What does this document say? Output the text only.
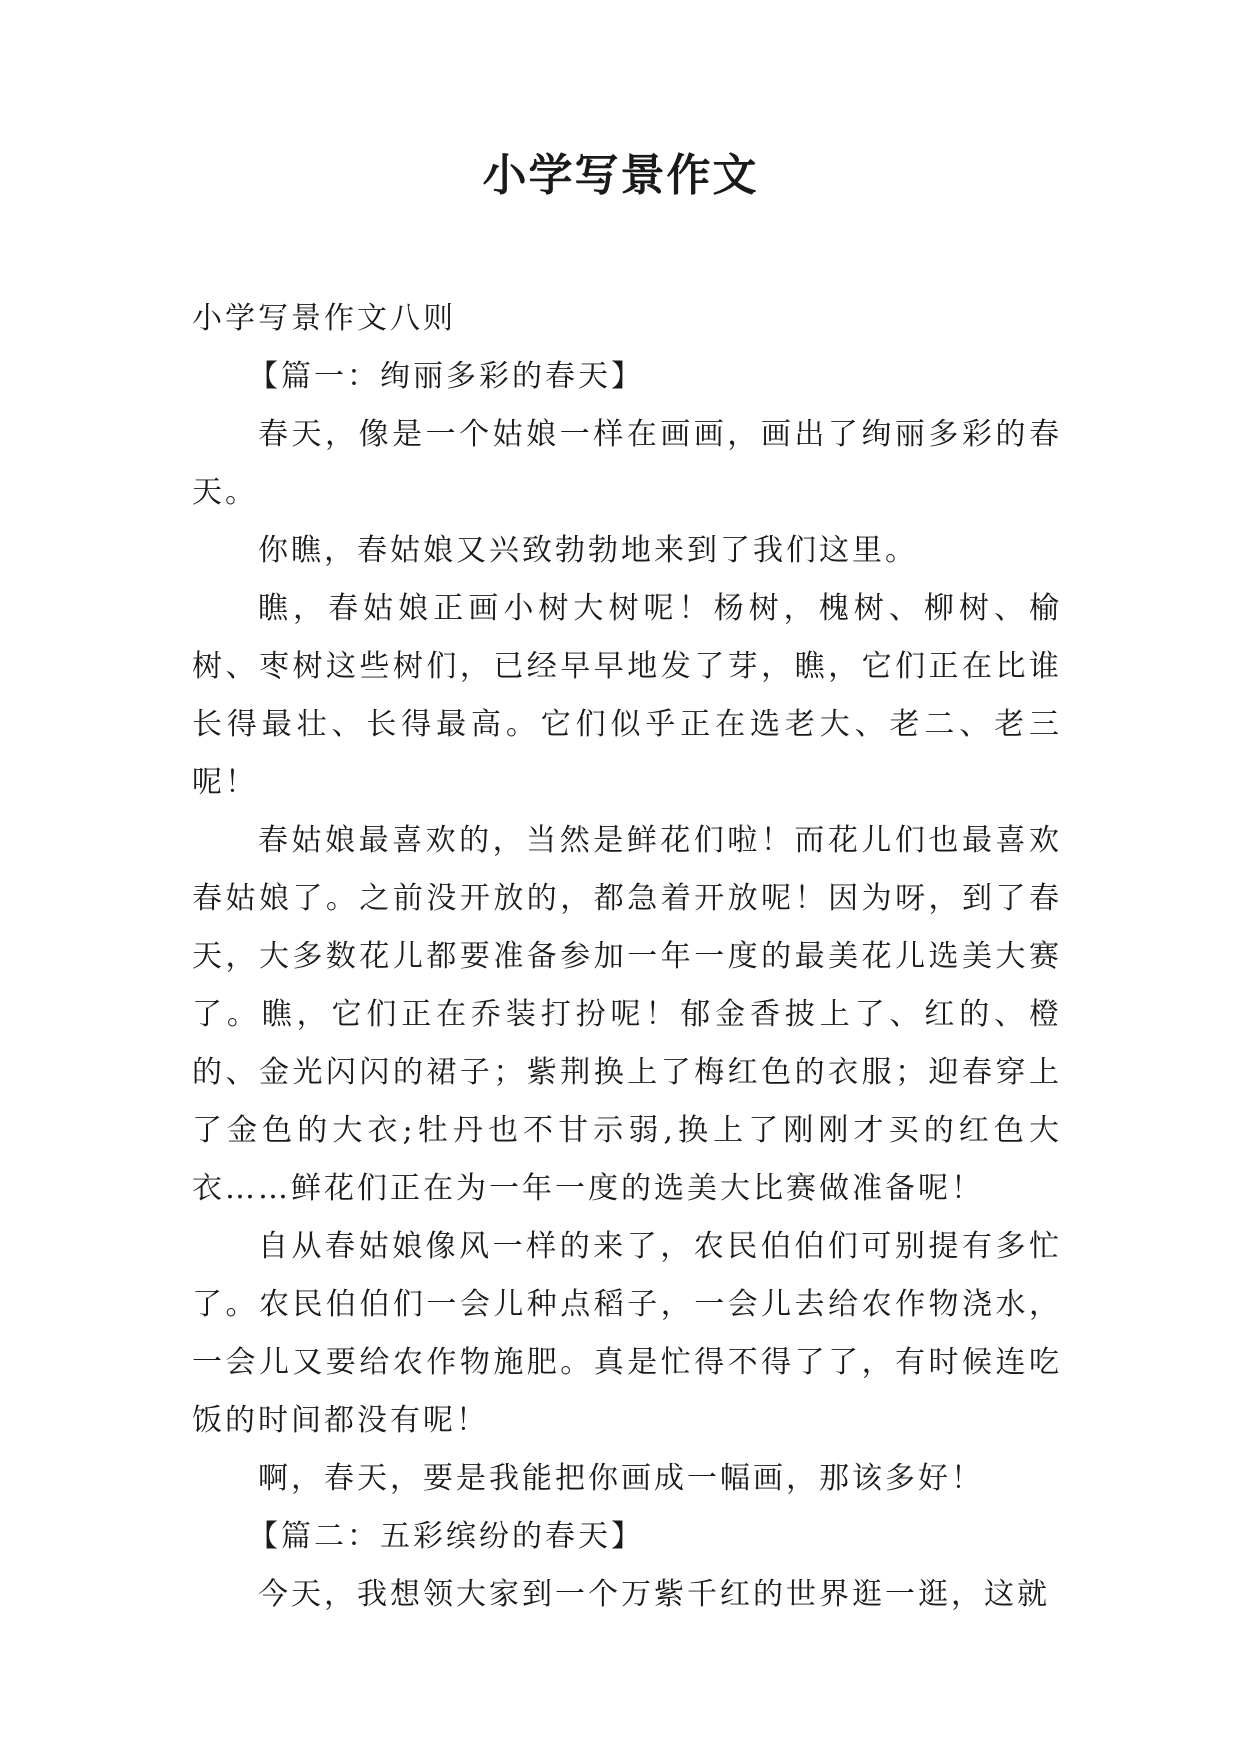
小学写景作文

小学写景作文八则

【篇一：绚丽多彩的春天】

春天，像是一个姑娘一样在画画，画出了绚丽多彩的春天。

你瞧，春姑娘又兴致勃勃地来到了我们这里。

瞧，春姑娘正画小树大树呢！杨树，槐树、柳树、榆树、枣树这些树们，已经早早地发了芽，瞧，它们正在比谁长得最壮、长得最高。它们似乎正在选老大、老二、老三呢！

春姑娘最喜欢的，当然是鲜花们啦！而花儿们也最喜欢春姑娘了。之前没开放的，都急着开放呢！因为呀，到了春天，大多数花儿都要准备参加一年一度的最美花儿选美大赛了。瞧，它们正在乔装打扮呢！郁金香披上了、红的、橙的、金光闪闪的裙子；紫荆换上了梅红色的衣服；迎春穿上了金色的大衣;牡丹也不甘示弱,换上了刚刚才买的红色大衣……鲜花们正在为一年一度的选美大比赛做准备呢！

自从春姑娘像风一样的来了，农民伯伯们可别提有多忙了。农民伯伯们一会儿种点稻子，一会儿去给农作物浇水，一会儿又要给农作物施肥。真是忙得不得了了，有时候连吃饭的时间都没有呢！

啊，春天，要是我能把你画成一幅画，那该多好！

【篇二：五彩缤纷的春天】

今天，我想领大家到一个万紫千红的世界逛一逛，这就
